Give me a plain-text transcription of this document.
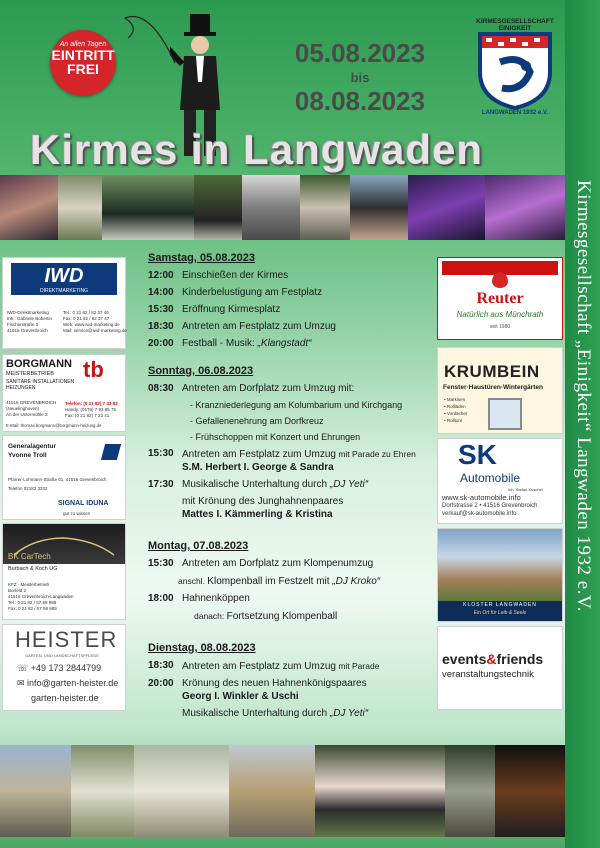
Kirmesgesellschaft „Einigkeit“ Langwaden 1932 e.V.
An allen Tagen
EINTRITT
FREI
05.08.2023
bis
08.08.2023
KIRMESGESELLSCHAFT EINIGKEIT
LANGWADEN 1932 e.V.
Kirmes in Langwaden
IWD
DIREKTMARKETING
IWD-Direktmarketing
Inh.: Gabriele Bobertin
Fischerstraße 5
41516 Grevenbroich
Tel.: 0 21 82 / 82 37 46
Fax: 0 21 82 / 82 37 47
Web: www.iwd-marketing.de
Mail: service@iwd-marketing.de
BORGMANN
MEISTERBETRIEB
SANITÄRE INSTALLATIONEN
HEIZUNGEN
tb
41516 GREVENBROICH
(Neuelinghoven)
An der Untermühle 3
Telefon: (0 21 82) 7 33 82
Handy: (0176) 7 93 85 75
Fax: (0 21 82) 7 23 41
E-Mail: thomas.borgmann@borgmann-heizung.de
Generalagentur
Yvonne Troll
Pfarrer-Lohmann-Straße 61, 41516 Grevenbroich
Telefon 02182 3332
SIGNAL IDUNA
gut zu wissen
BK CarTech
Burbach & Koch UG
KFZ - Meisterbetrieb
Borfeld 2
41516 Grevenbroich-Langwaden
Tel.: 0 21 82 / 57 58 985
Fax: 0 21 82 / 57 58 985
HEISTER
GARTEN- UND LANDSCHAFTSPFLEGE
☏ +49 173 2844799
✉ info@garten-heister.de
garten-heister.de
Samstag, 05.08.2023
12:00 Einschießen der Kirmes
14:00 Kinderbelustigung am Festplatz
15:30 Eröffnung Kirmesplatz
18:30 Antreten am Festplatz zum Umzug
20:00 Festball - Musik: „Klangstadt“
Sonntag, 06.08.2023
08:30 Antreten am Dorfplatz zum Umzug mit:
- Kranzniederlegung am Kolumbarium und Kirchgang
- Gefallenenehrung am Dorfkreuz
- Frühschoppen mit Konzert und Ehrungen
15:30 Antreten am Festplatz zum Umzug mit Parade zu Ehren
S.M. Herbert I. George & Sandra
17:30 Musikalische Unterhaltung durch „DJ Yeti“
mit Krönung des Junghahnenpaares
Mattes I. Kämmerling & Kristina
Montag, 07.08.2023
15:30 Antreten am Dorfplatz zum Klompenumzug
anschl. Klompenball im Festzelt mit „DJ Kroko“
18:00 Hahnenköppen
danach: Fortsetzung Klompenball
Dienstag, 08.08.2023
18:30 Antreten am Festplatz zum Umzug mit Parade
20:00 Krönung des neuen Hahnenkönigspaares
Georg I. Winkler & Uschi
Musikalische Unterhaltung durch „DJ Yeti“
Reuter
Natürlich aus Münchrath
seit 1980
KRUMBEIN
Fenster·Haustüren·Wintergärten
• Markisen
• Rollläden
• Vordächer
• Rolltore
SK
Automobile
Inh. Stefan Kuschel
www.sk-automobile.info
Dorfstrasse 2 • 41516 Grevenbroich
verkauf@sk-automobile.info
KLOSTER LANGWADEN
Ein Ort für Leib & Seele
events&friends
veranstaltungstechnik
